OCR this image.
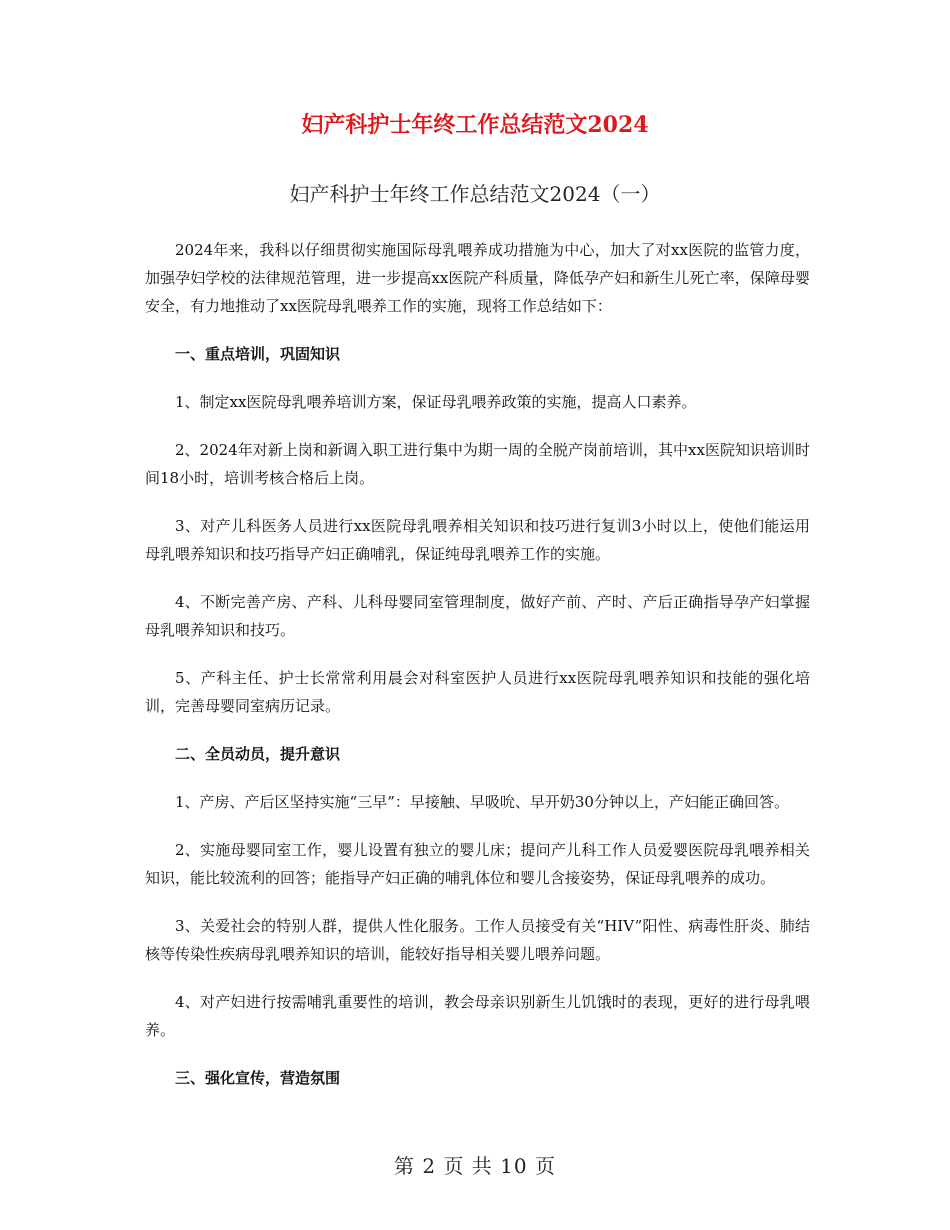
妇产科护士年终工作总结范文2024
妇产科护士年终工作总结范文2024（一）

2024年来，我科以仔细贯彻实施国际母乳喂养成功措施为中心，加大了对xx医院的监管力度，加强孕妇学校的法律规范管理，进一步提高xx医院产科质量，降低孕产妇和新生儿死亡率，保障母婴安全，有力地推动了xx医院母乳喂养工作的实施，现将工作总结如下：

一、重点培训，巩固知识

1、制定xx医院母乳喂养培训方案，保证母乳喂养政策的实施，提高人口素养。

2、2024年对新上岗和新调入职工进行集中为期一周的全脱产岗前培训，其中xx医院知识培训时间18小时，培训考核合格后上岗。

3、对产儿科医务人员进行xx医院母乳喂养相关知识和技巧进行复训3小时以上，使他们能运用母乳喂养知识和技巧指导产妇正确哺乳，保证纯母乳喂养工作的实施。

4、不断完善产房、产科、儿科母婴同室管理制度，做好产前、产时、产后正确指导孕产妇掌握母乳喂养知识和技巧。

5、产科主任、护士长常常利用晨会对科室医护人员进行xx医院母乳喂养知识和技能的强化培训，完善母婴同室病历记录。

二、全员动员，提升意识

1、产房、产后区坚持实施“三早”：早接触、早吸吮、早开奶30分钟以上，产妇能正确回答。

2、实施母婴同室工作，婴儿设置有独立的婴儿床；提问产儿科工作人员爱婴医院母乳喂养相关知识，能比较流利的回答；能指导产妇正确的哺乳体位和婴儿含接姿势，保证母乳喂养的成功。

3、关爱社会的特别人群，提供人性化服务。工作人员接受有关“HIV”阳性、病毒性肝炎、肺结核等传染性疾病母乳喂养知识的培训，能较好指导相关婴儿喂养问题。

4、对产妇进行按需哺乳重要性的培训，教会母亲识别新生儿饥饿时的表现，更好的进行母乳喂养。

三、强化宣传，营造氛围

第 2 页 共 10 页
